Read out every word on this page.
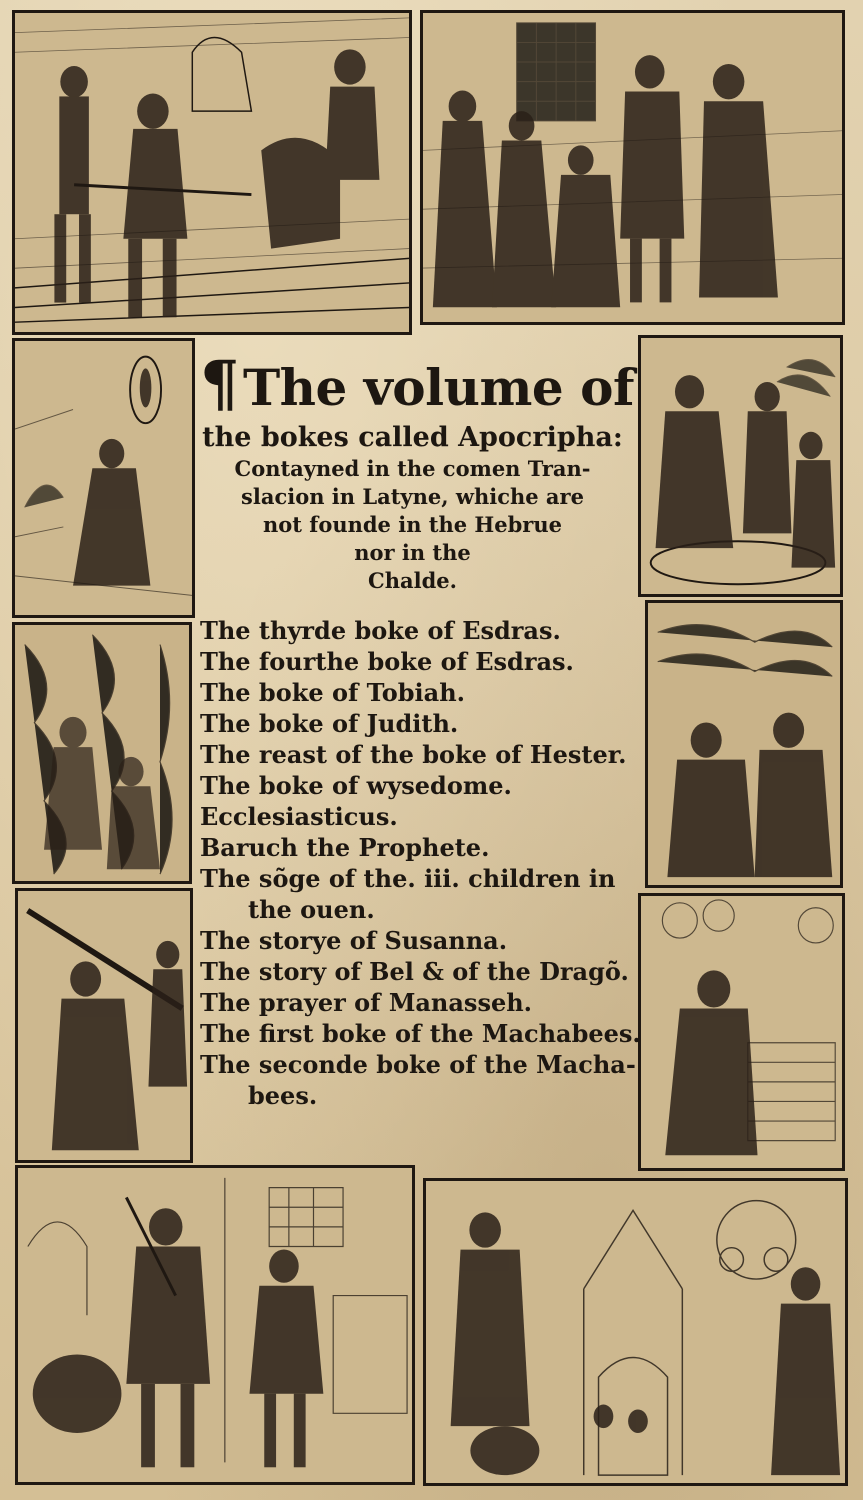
¶The volume of
the bokes called Apocripha:
Contayned in the comen Tran-
slacion in Latyne, whiche are
not founde in the Hebrue
nor in the
Chalde.
The thyrde boke of Esdras.
The fourthe boke of Esdras.
The boke of Tobiah.
The boke of Judith.
The reast of the boke of Hester.
The boke of wysedome.
Ecclesiasticus.
Baruch the Prophete.
The sõge of the. iii. children in
the ouen.
The storye of Susanna.
The story of Bel & of the Dragõ.
The prayer of Manasseh.
The first boke of the Machabees.
The seconde boke of the Macha-
bees.
